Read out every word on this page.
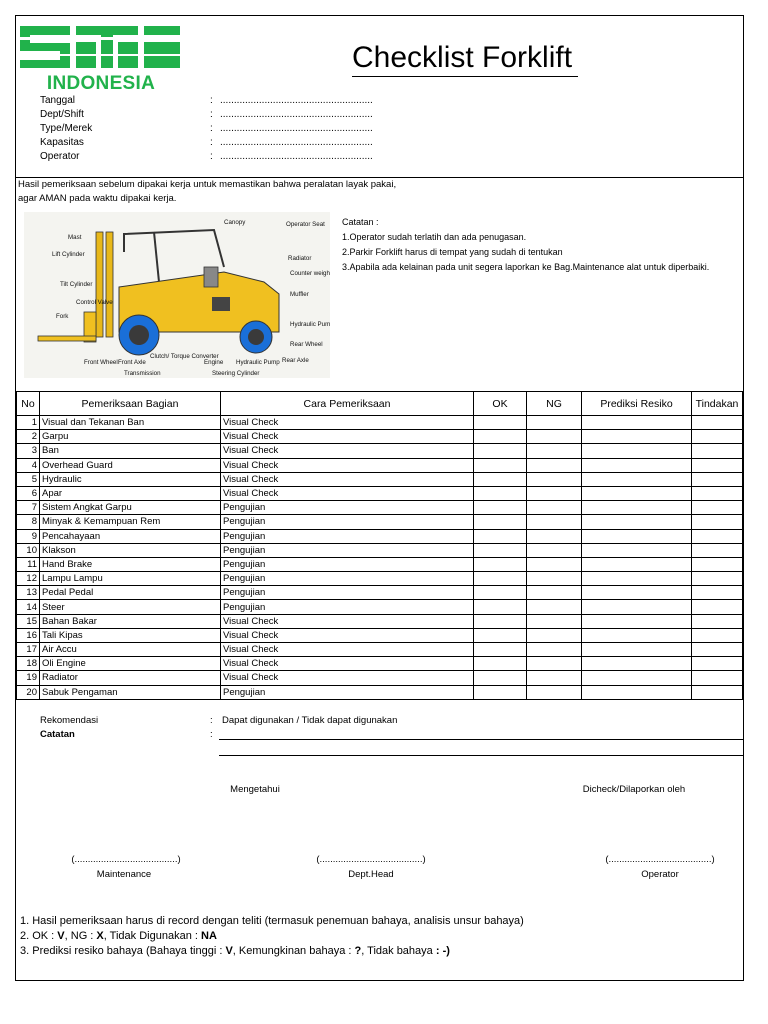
INDONESIA
Checklist Forklift
Tanggal	: .......................................................
Dept/Shift	: .......................................................
Type/Merek	: .......................................................
Kapasitas	: .......................................................
Operator	: .......................................................
Hasil pemeriksaan sebelum dipakai kerja untuk memastikan bahwa peralatan layak pakai,
agar AMAN pada waktu dipakai kerja.
Canopy	Operator Seat
Mast
Lift Cylinder
Radiator
Counter weight
Tilt Cylinder
Muffler
Control Valve
Fork
Hydraulic Pump
Rear Wheel
Front Wheel Front Axle
Clutch/ Torque Converter
Engine Hydraulic Pump Rear Axle
Transmission	Steering Cylinder
Catatan :
1.Operator sudah terlatih dan ada penugasan.
2.Parkir Forklift harus di tempat yang sudah di tentukan
3.Apabila ada kelainan pada unit segera laporkan ke Bag.Maintenance alat untuk diperbaiki.
No	Pemeriksaan Bagian	Cara Pemeriksaan	OK	NG	Prediksi Resiko	Tindakan
1	Visual dan Tekanan Ban	Visual Check				
2	Garpu	Visual Check				
3	Ban	Visual Check				
4	Overhead Guard	Visual Check				
5	Hydraulic	Visual Check				
6	Apar	Visual Check				
7	Sistem Angkat Garpu	Pengujian				
8	Minyak & Kemampuan Rem	Pengujian				
9	Pencahayaan	Pengujian				
10	Klakson	Pengujian				
11	Hand Brake	Pengujian				
12	Lampu Lampu	Pengujian				
13	Pedal Pedal	Pengujian				
14	Steer	Pengujian				
15	Bahan Bakar	Visual Check				
16	Tali Kipas	Visual Check				
17	Air Accu	Visual Check				
18	Oli Engine	Visual Check				
19	Radiator	Visual Check				
20	Sabuk Pengaman	Pengujian				
Rekomendasi	: Dapat digunakan / Tidak dapat digunakan
Catatan	:
Mengetahui	Dicheck/Dilaporkan oleh
(.......................................)	(.......................................)	(.......................................)
Maintenance	Dept.Head	Operator
1. Hasil pemeriksaan harus di record dengan teliti (termasuk penemuan bahaya, analisis unsur bahaya)
2. OK : V, NG : X, Tidak Digunakan : NA
3. Prediksi resiko bahaya (Bahaya tinggi : V, Kemungkinan bahaya : ?, Tidak bahaya : -)
